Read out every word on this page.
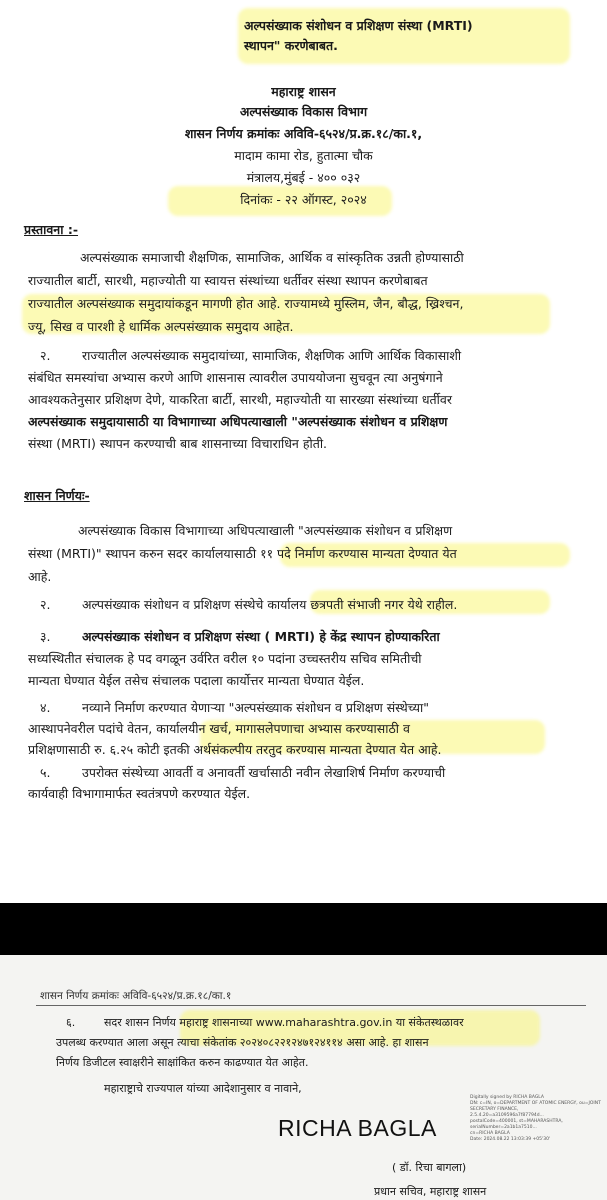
अल्पसंख्याक संशोधन व प्रशिक्षण संस्था (MRTI)
स्थापन" करणेबाबत.
महाराष्ट्र शासन
अल्पसंख्याक विकास विभाग
शासन निर्णय क्रमांकः अविवि-६५२४/प्र.क्र.१८/का.१,
मादाम कामा रोड, हुतात्मा चौक
मंत्रालय,मुंबई - ४०० ०३२
दिनांकः - २२ ऑगस्ट, २०२४
प्रस्तावना :-
अल्पसंख्याक समाजाची शैक्षणिक, सामाजिक, आर्थिक व सांस्कृतिक उन्नती होण्यासाठी
राज्यातील बार्टी, सारथी, महाज्योती या स्वायत्त संस्थांच्या धर्तीवर संस्था स्थापन करणेबाबत
राज्यातील अल्पसंख्याक समुदायांकडून मागणी होत आहे. राज्यामध्ये मुस्लिम, जैन, बौद्ध, ख्रिश्चन,
ज्यू, सिख व पारशी हे धार्मिक अल्पसंख्याक समुदाय आहेत.
२.	राज्यातील अल्पसंख्याक समुदायांच्या, सामाजिक, शैक्षणिक आणि आर्थिक विकासाशी
संबंधित समस्यांचा अभ्यास करणे आणि शासनास त्यावरील उपाययोजना सुचवून त्या अनुषंगाने
आवश्यकतेनुसार प्रशिक्षण देणे, याकरिता बार्टी, सारथी, महाज्योती या सारख्या संस्थांच्या धर्तीवर
अल्पसंख्याक समुदायासाठी या विभागाच्या अधिपत्याखाली "अल्पसंख्याक संशोधन व प्रशिक्षण
संस्था (MRTI) स्थापन करण्याची बाब शासनाच्या विचाराधिन होती.
शासन निर्णयः-
अल्पसंख्याक विकास विभागाच्या अधिपत्याखाली "अल्पसंख्याक संशोधन व प्रशिक्षण
संस्था (MRTI)" स्थापन करुन सदर कार्यालयासाठी ११ पदे निर्माण करण्यास मान्यता देण्यात येत
आहे.
२.	अल्पसंख्याक संशोधन व प्रशिक्षण संस्थेचे कार्यालय छत्रपती संभाजी नगर येथे राहील.
३.	अल्पसंख्याक संशोधन व प्रशिक्षण संस्था ( MRTI) हे केंद्र स्थापन होण्याकरिता
सध्यस्थितीत संचालक हे पद वगळून उर्वरित वरील १० पदांना उच्चस्तरीय सचिव समितीची
मान्यता घेण्यात येईल तसेच संचालक पदाला कार्योत्तर मान्यता घेण्यात येईल.
४.	नव्याने निर्माण करण्यात येणाऱ्या "अल्पसंख्याक संशोधन व प्रशिक्षण संस्थेच्या"
आस्थापनेवरील पदांचे वेतन, कार्यालयीन खर्च, मागासलेपणाचा अभ्यास करण्यासाठी व
प्रशिक्षणासाठी रु. ६.२५ कोटी इतकी अर्थसंकल्पीय तरतुद करण्यास मान्यता देण्यात येत आहे.
५.	उपरोक्त संस्थेच्या आवर्ती व अनावर्ती खर्चासाठी नवीन लेखाशिर्ष निर्माण करण्याची
कार्यवाही विभागामार्फत स्वतंत्रपणे करण्यात येईल.
शासन निर्णय क्रमांकः अविवि-६५२४/प्र.क्र.१८/का.१
६.	सदर शासन निर्णय महाराष्ट्र शासनाच्या www.maharashtra.gov.in या संकेतस्थळावर
उपलब्ध करण्यात आला असून त्याचा संकेतांक २०२४०८२२१२४७१२४११४ असा आहे. हा शासन
निर्णय डिजीटल स्वाक्षरीने साक्षांकित करुन काढण्यात येत आहेत.
महाराष्ट्राचे राज्यपाल यांच्या आदेशानुसार व नावाने,
RICHA BAGLA
Digitally signed by RICHA BAGLA
DN: c=IN, o=DEPARTMENT OF ATOMIC ENERGY, ou=JOINT
SECRETARY FINANCE,
2.5.4.20=a3109596a7f87794d...
postalCode=400001, st=MAHARASHTRA,
serialNumber=2a1b1a7510...
cn=RICHA BAGLA
Date: 2024.08.22 13:03:39 +05'30'
( डॉ. रिचा बागला)
प्रधान सचिव, महाराष्ट्र शासन
